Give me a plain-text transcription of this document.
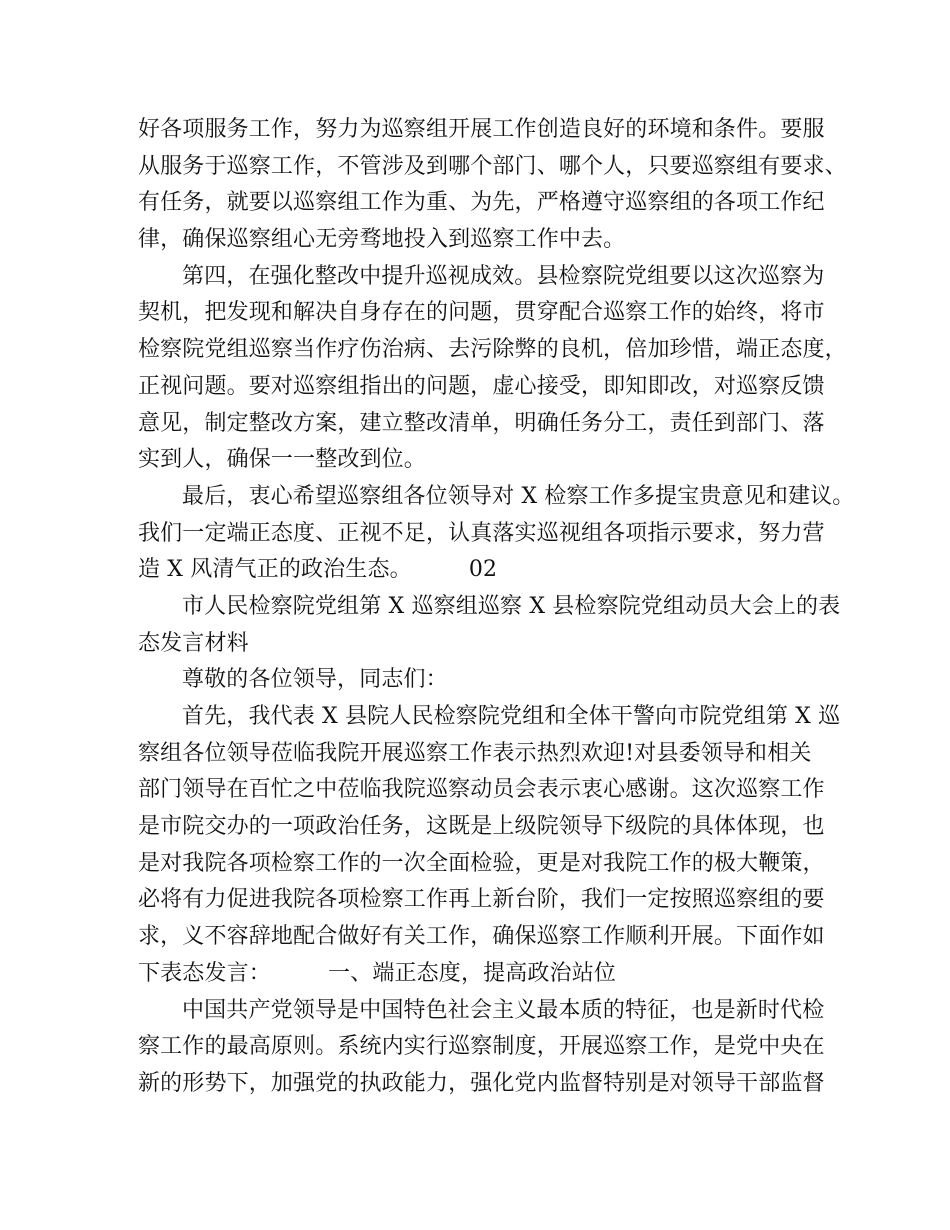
好各项服务工作，努力为巡察组开展工作创造良好的环境和条件。要服
从服务于巡察工作，不管涉及到哪个部门、哪个人，只要巡察组有要求、
有任务，就要以巡察组工作为重、为先，严格遵守巡察组的各项工作纪
律，确保巡察组心无旁骛地投入到巡察工作中去。
第四，在强化整改中提升巡视成效。县检察院党组要以这次巡察为
契机，把发现和解决自身存在的问题，贯穿配合巡察工作的始终，将市
检察院党组巡察当作疗伤治病、去污除弊的良机，倍加珍惜，端正态度，
正视问题。要对巡察组指出的问题，虚心接受，即知即改，对巡察反馈
意见，制定整改方案，建立整改清单，明确任务分工，责任到部门、落
实到人，确保一一整改到位。
最后，衷心希望巡察组各位领导对 X 检察工作多提宝贵意见和建议。
我们一定端正态度、正视不足，认真落实巡视组各项指示要求，努力营
造 X 风清气正的政治生态。        02
市人民检察院党组第 X 巡察组巡察 X 县检察院党组动员大会上的表
态发言材料
尊敬的各位领导，同志们：
首先，我代表 X 县院人民检察院党组和全体干警向市院党组第 X 巡
察组各位领导莅临我院开展巡察工作表示热烈欢迎!对县委领导和相关
部门领导在百忙之中莅临我院巡察动员会表示衷心感谢。这次巡察工作
是市院交办的一项政治任务，这既是上级院领导下级院的具体体现，也
是对我院各项检察工作的一次全面检验，更是对我院工作的极大鞭策，
必将有力促进我院各项检察工作再上新台阶，我们一定按照巡察组的要
求，义不容辞地配合做好有关工作，确保巡察工作顺利开展。下面作如
下表态发言：        一、端正态度，提高政治站位
中国共产党领导是中国特色社会主义最本质的特征，也是新时代检
察工作的最高原则。系统内实行巡察制度，开展巡察工作，是党中央在
新的形势下，加强党的执政能力，强化党内监督特别是对领导干部监督
